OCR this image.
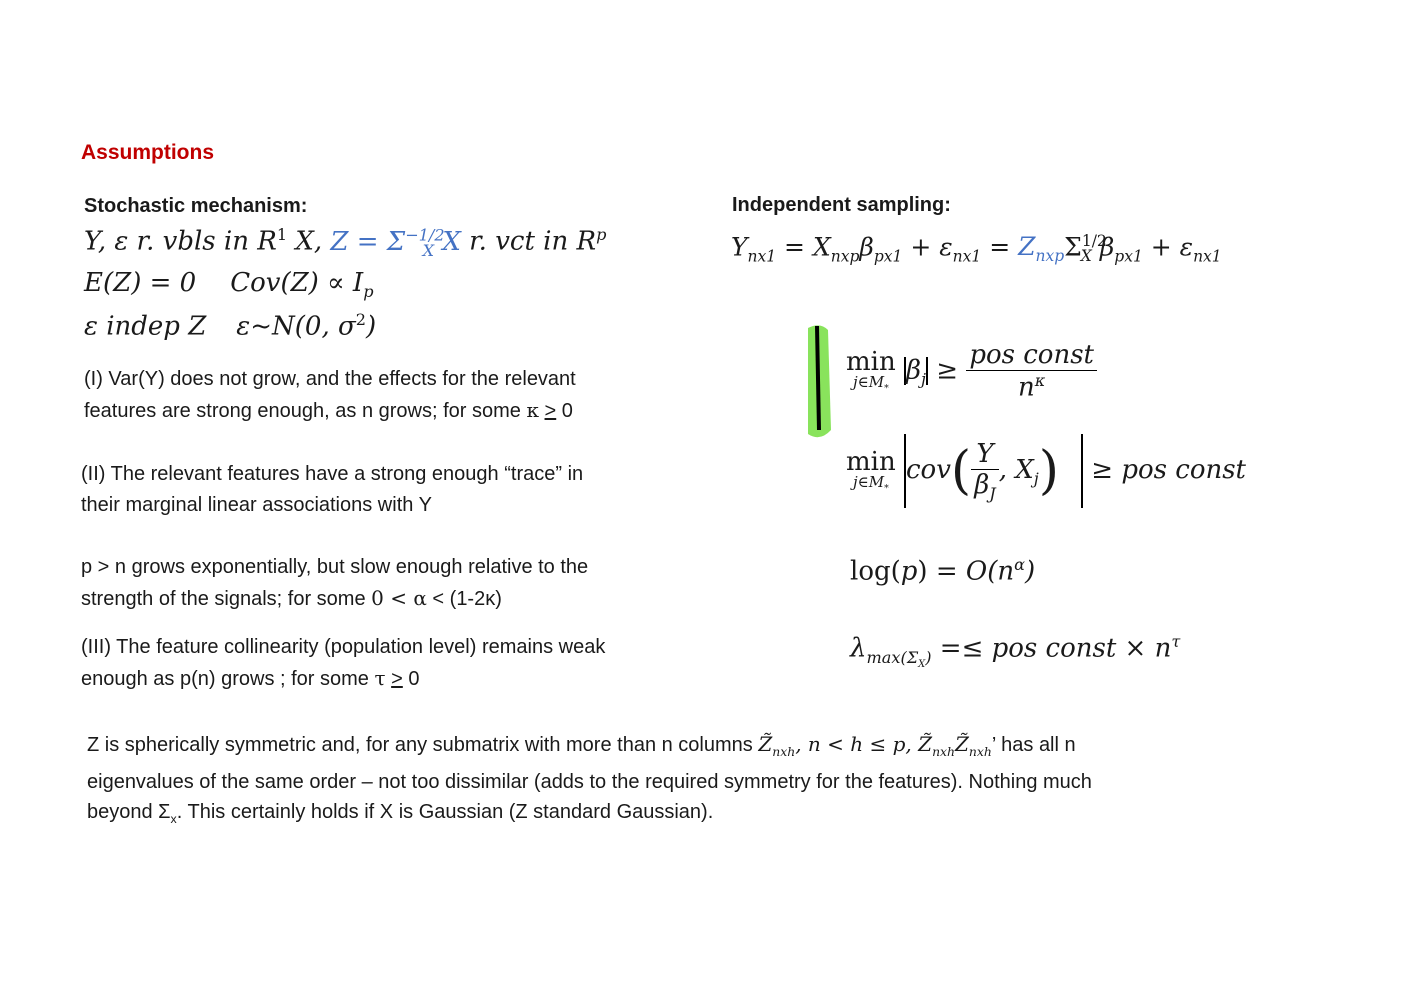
Assumptions
Stochastic mechanism:
Y, ε r. vbls in $R^1$ X, $Z = \Sigma^{-1/2}_X$ X r. vct in $R^p$
E(Z) = 0 $Cov(Z) \propto I_p$
ε indep Z ε~N(0, $\sigma^2$)
(I) Var(Y) does not grow, and the effects for the relevant
features are strong enough, as n grows; for some κ > 0
(II) The relevant features have a strong enough “trace” in
their marginal linear associations with Y
p > n grows exponentially, but slow enough relative to the
strength of the signals; for some 0 < α < (1-2κ)
(III) The feature collinearity (population level) remains weak
enough as p(n) grows ; for some τ > 0
Independent sampling:
$Y_{nx1} = X_{nxp}\beta_{px1} + \varepsilon_{nx1} = Z_{nxp}\Sigma^{1/2}_X$ $\beta_{px1} + \varepsilon_{nx1}$
min
$j\in M_*$
$\beta_j \ge \frac{\text{pos const}}{n^\kappa}$
min
$j\in M_*$
$cov( \frac{Y}{\beta_J}$ , $X_j$) ≥ pos const
$\log(p) = O(n^\alpha)$
$\lambda_{max(\Sigma_X)}$ =≤ pos const × $n^\tau$
Z is spherically symmetric and, for any submatrix with more than n columns $Z̃_{nxh}$, n < h ≤ p, $Z̃_{nxh}Z̃_{nxh}$’ has all n
eigenvalues of the same order – not too dissimilar (adds to the required symmetry for the features). Nothing much
beyond $\Sigma_x$. This certainly holds if X is Gaussian (Z standard Gaussian).
